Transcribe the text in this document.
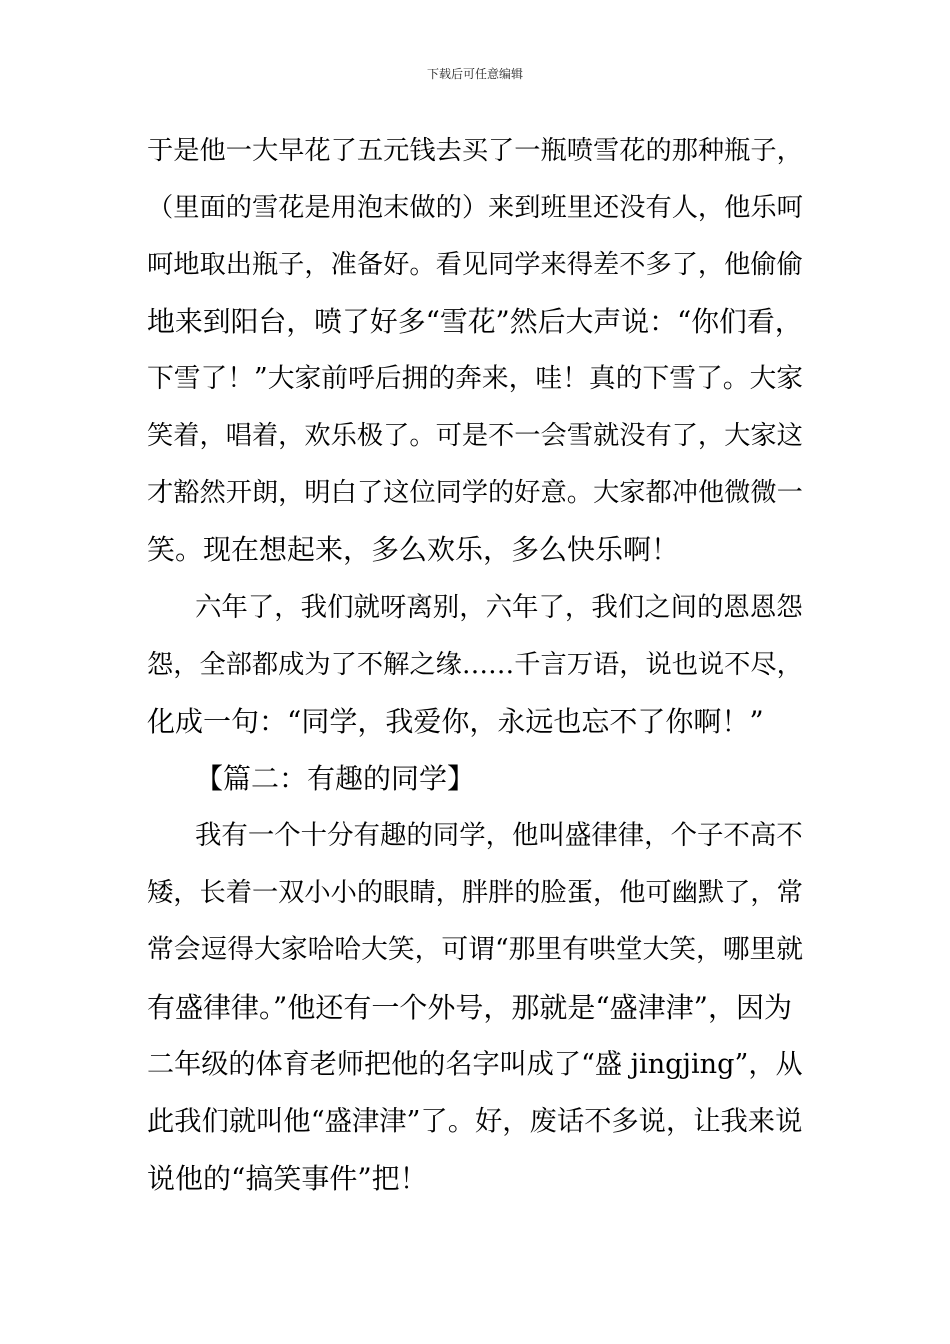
下载后可任意编辑
于是他一大早花了五元钱去买了一瓶喷雪花的那种瓶子，
（里面的雪花是用泡末做的）来到班里还没有人，他乐呵
呵地取出瓶子，准备好。看见同学来得差不多了，他偷偷
地来到阳台，喷了好多“雪花”然后大声说：“你们看，
下雪了！”大家前呼后拥的奔来，哇！真的下雪了。大家
笑着，唱着，欢乐极了。可是不一会雪就没有了，大家这
才豁然开朗，明白了这位同学的好意。大家都冲他微微一
笑。现在想起来，多么欢乐，多么快乐啊！
六年了，我们就呀离别，六年了，我们之间的恩恩怨
怨，全部都成为了不解之缘……千言万语，说也说不尽，
化成一句：“同学，我爱你，永远也忘不了你啊！”
【篇二：有趣的同学】
我有一个十分有趣的同学，他叫盛律律，个子不高不
矮，长着一双小小的眼睛，胖胖的脸蛋，他可幽默了，常
常会逗得大家哈哈大笑，可谓“那里有哄堂大笑，哪里就
有盛律律。”他还有一个外号，那就是“盛津津”，因为
二年级的体育老师把他的名字叫成了“盛 jingjing”，从
此我们就叫他“盛津津”了。好，废话不多说，让我来说
说他的“搞笑事件”把！
